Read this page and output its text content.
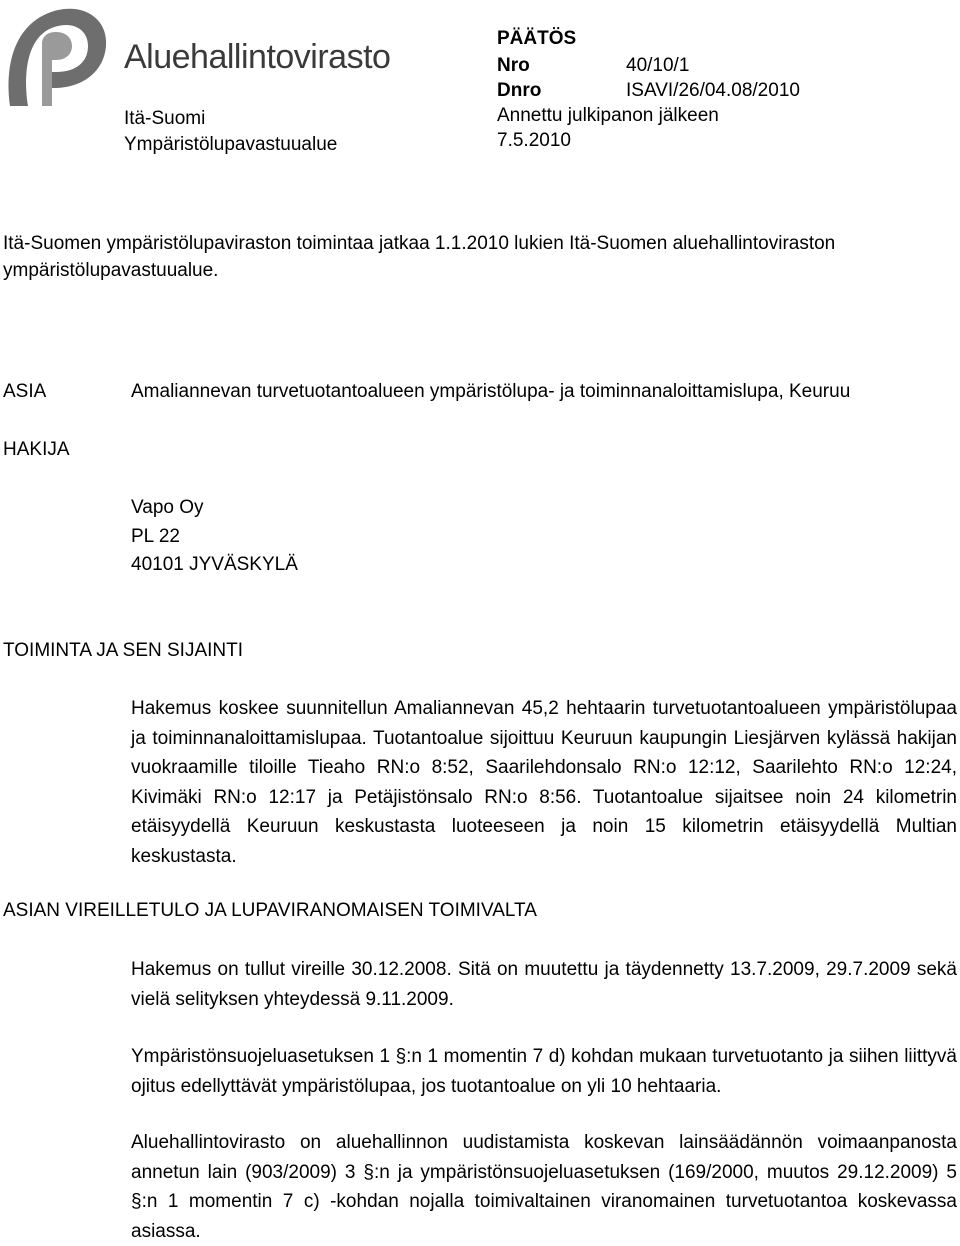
Aluehallintovirasto
Itä-Suomi
Ympäristölupavastuualue
PÄÄTÖS
Nro	40/10/1
Dnro	ISAVI/26/04.08/2010
Annettu julkipanon jälkeen
7.5.2010
Itä-Suomen ympäristölupaviraston toimintaa jatkaa 1.1.2010 lukien Itä-Suomen aluehallintoviraston ympäristölupavastuualue.
ASIA	Amaliannevan turvetuotantoalueen ympäristölupa- ja toiminnanaloittamislupa, Keuruu
HAKIJA
Vapo Oy
PL 22
40101 JYVÄSKYLÄ
TOIMINTA JA SEN SIJAINTI
Hakemus koskee suunnitellun Amaliannevan 45,2 hehtaarin turvetuotantoalueen ympäristölupaa ja toiminnanaloittamislupaa. Tuotantoalue sijoittuu Keuruun kaupungin Liesjärven kylässä hakijan vuokraamille tiloille Tieaho RN:o 8:52, Saarilehdonsalo RN:o 12:12, Saarilehto RN:o 12:24, Kivimäki RN:o 12:17 ja Petäjistönsalo RN:o 8:56. Tuotantoalue sijaitsee noin 24 kilometrin etäisyydellä Keuruun keskustasta luoteeseen ja noin 15 kilometrin etäisyydellä Multian keskustasta.
ASIAN VIREILLETULO JA LUPAVIRANOMAISEN TOIMIVALTA
Hakemus on tullut vireille 30.12.2008. Sitä on muutettu ja täydennetty 13.7.2009, 29.7.2009 sekä vielä selityksen yhteydessä 9.11.2009.
Ympäristönsuojeluasetuksen 1 §:n 1 momentin 7 d) kohdan mukaan turvetuotanto ja siihen liittyvä ojitus edellyttävät ympäristölupaa, jos tuotantoalue on yli 10 hehtaaria.
Aluehallintovirasto on aluehallinnon uudistamista koskevan lainsäädännön voimaanpanosta annetun lain (903/2009) 3 §:n ja ympäristönsuojeluasetuksen (169/2000, muutos 29.12.2009) 5 §:n 1 momentin 7 c) -kohdan nojalla toimivaltainen viranomainen turvetuotantoa koskevassa asiassa.
